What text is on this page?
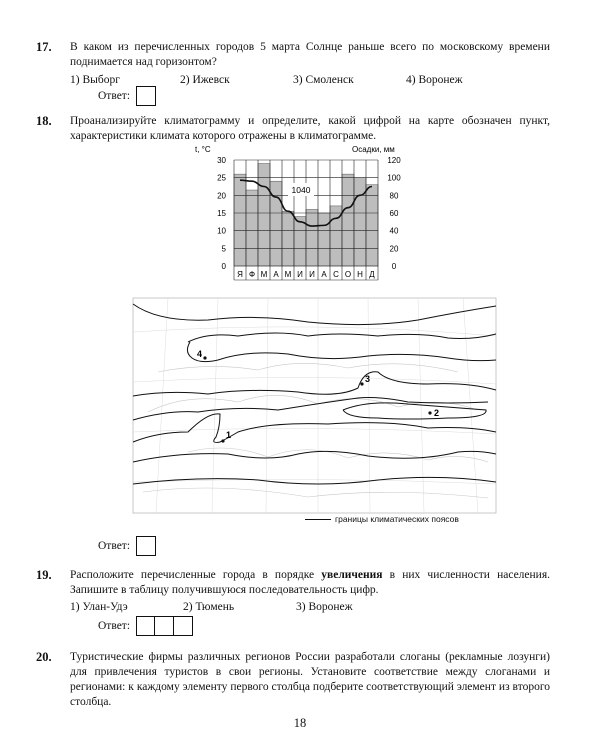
17. В каком из перечисленных городов 5 марта Солнце раньше всего по московскому времени поднимается над горизонтом?
1) Выборг	2) Ижевск	3) Смоленск	4) Воронеж
Ответ:
18. Проанализируйте климатограмму и определите, какой цифрой на карте обозначен пункт, характеристики климата которого отражены в климатограмме.
t, °C	Осадки, мм
0
5
10
15
20
25
30
0
20
40
60
80
100
120
Я Ф М А М И И А С О Н Д
1040
1
2
3
4
границы климатических поясов
Ответ:
19. Расположите перечисленные города в порядке увеличения в них численности населения. Запишите в таблицу получившуюся последовательность цифр.
1) Улан-Удэ	2) Тюмень	3) Воронеж
Ответ:
20. Туристические фирмы различных регионов России разработали слоганы (рекламные лозунги) для привлечения туристов в свои регионы. Установите соответствие между слоганами и регионами: к каждому элементу первого столбца подберите соответствующий элемент из второго столбца.
18
